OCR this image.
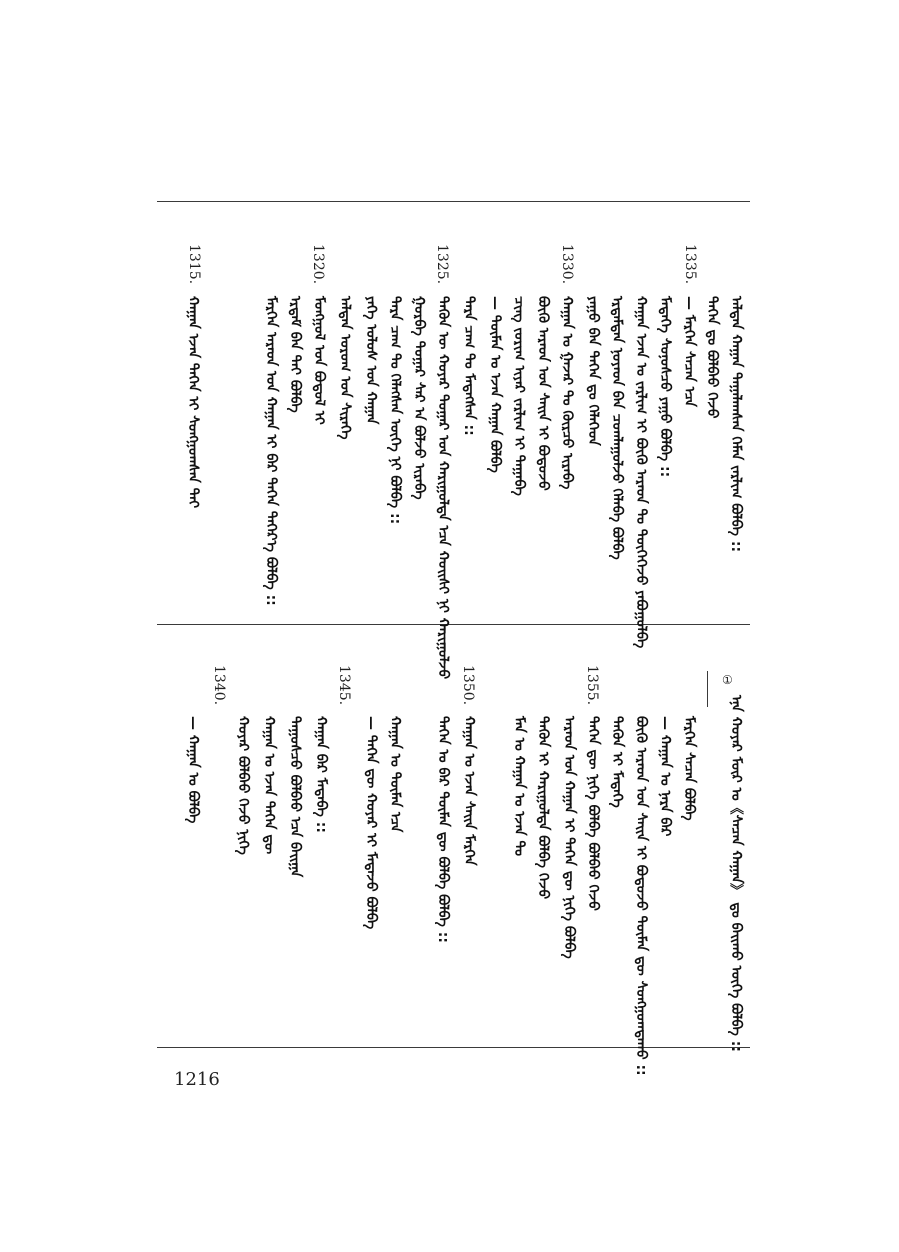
1335.
1330.
1325.
1320.
1315.
ᠠᠯᠲᠠᠨ ᠬᠠᠭᠠᠨ ᠲᠠᠭᠠᠯᠠᠭᠰᠠᠨ ᠬᠡᠮᠡᠨ ᠵᠠᠷᠯᠢᠭ ᠪᠣᠯᠪᠠ ::
ᠲᠡᠭᠡᠨ ᠳᠤ ᠪᠣᠯᠪᠠᠤ ᠭᠡᠵᠦ
— ᠮᠡᠷᠭᠡᠨ ᠰᠡᠴᠡᠨ ᠡᠴᠡ
ᠮᠡᠳᠡᠭᠡ ᠰᠣᠨᠣᠰᠴᠤ ᠶᠠᠭᠤ ᠪᠣᠯᠪᠠ ::
ᠬᠠᠭᠠᠨ ᠡᠵᠡᠨ ᠤ ᠵᠠᠷᠯᠢᠭ ᠢ ᠪᠦᠬᠦ ᠠᠷᠠᠳ ᠲᠤ ᠲᠦᠭᠡᠭᠡᠵᠦ ᠶᠠᠪᠤᠭᠤᠯᠪᠠ
ᠡᠷᠳᠡᠮᠲᠡᠨ ᠨᠣᠶᠠᠳ ᠪᠠᠨ ᠴᠤᠭᠯᠠᠭᠤᠯᠵᠤ ᠬᠡᠯᠡᠪᠡ ᠪᠣᠯᠪᠠ
ᠶᠠᠭᠤ ᠪᠠᠨ ᠲᠡᠭᠡᠨ ᠳᠤ ᠬᠡᠯᠡᠭᠡᠳ
ᠬᠠᠭᠠᠨ ᠤ ᠭᠠᠵᠠᠷ ᠲᠤ ᠬᠦᠷᠴᠦ ᠢᠷᠡᠪᠡ
ᠪᠦᠬᠦ ᠠᠷᠠᠳ ᠤᠨ ᠰᠠᠢᠨ ᠢ ᠪᠣᠳᠣᠵᠤ
ᠴᠢᠩ ᠵᠣᠷᠢᠭ ᠢᠶᠡᠷ ᠵᠠᠷᠯᠢᠭ ᠢ ᠳᠠᠭᠠᠪᠠ
— ᠲᠦᠮᠡᠨ ᠤ ᠡᠵᠡᠨ ᠬᠠᠭᠠᠨ ᠪᠣᠯᠪᠠ
ᠲᠡᠷᠡ ᠴᠠᠭ ᠲᠤ ᠮᠡᠳᠡᠭᠰᠡᠨ ::
ᠲᠡᠭᠦᠨ ᠦ ᠬᠣᠶᠠᠷ ᠳᠤᠭᠠᠷ ᠤᠨ ᠬᠠᠷᠢᠭᠤᠯᠲᠠ ᠡᠴᠡ ᠬᠣᠢᠰᠢ ᠨᠢ ᠬᠠᠷᠢᠭᠤᠯᠵᠤ
ᠭᠤᠷᠪᠠ ᠳᠤᠭᠠᠷ ᠰᠠᠷ ᠠ ᠪᠣᠯᠵᠤ ᠢᠷᠡᠪᠡ
ᠲᠡᠷᠡ ᠴᠠᠭ ᠲᠤ ᠬᠡᠯᠡᠭᠰᠡᠨ ᠦᠭᠡ ᠨᠢ ᠪᠣᠯᠪᠠ ::
ᠶᠡᠬᠡ ᠤᠯᠤᠰ ᠤᠨ ᠬᠠᠭᠠᠨ
ᠠᠯᠲᠠᠨ ᠤᠷᠤᠭ ᠤᠨ ᠰᠢᠷᠡᠭᠡ
ᠮᠣᠩᠭᠣᠯ ᠤᠨ ᠪᠣᠳᠣᠯ ᠢ
ᠡᠷᠳᠡᠮ ᠪᠠᠨ ᠲᠠᠢ ᠪᠣᠯᠪᠠ
ᠮᠡᠷᠭᠡᠨ ᠠᠷᠠᠳ ᠤᠨ ᠬᠠᠭᠠᠨ ᠢ ᠪᠠᠷ ᠲᠡᠭᠡᠨ ᠳᠡᠭᠡᠷ᠎ᠡ ᠪᠣᠯᠪᠠ ::
ᠬᠠᠭᠠᠨ ᠡᠵᠡᠨ ᠲᠡᠭᠡᠨ ᠢ ᠰᠣᠩᠭᠣᠭᠰᠠᠨ ᠲᠡᠢ
①
ᠡᠨᠡ ᠬᠣᠶᠠᠷ ᠮᠦᠷ ᠤ《ᠰᠡᠴᠡᠨ ᠬᠠᠭᠠᠨ》 ᠳᠤ ᠪᠠᠢᠬᠤ ᠦᠭᠡ ᠪᠣᠯᠪᠠ ::
1355.
1350.
1345.
1340.
ᠮᠡᠷᠭᠡᠨ ᠰᠡᠴᠡᠨ ᠪᠣᠯᠪᠠ
— ᠬᠠᠭᠠᠨ ᠤ ᠨᠡᠷᠡ ᠪᠡᠷ
ᠪᠦᠬᠦ ᠠᠷᠠᠳ ᠤᠨ ᠰᠠᠢᠨ ᠢ ᠪᠣᠳᠣᠵᠤ ᠲᠦᠮᠡᠨ ᠳᠦ ᠰᠣᠩᠭᠣᠭᠳᠠᠬᠤ ::
ᠲᠡᠭᠦᠨ ᠢ ᠮᠡᠳᠡᠭᠡ
ᠲᠡᠭᠡᠨ ᠳᠦ ᠨᠢᠭᠡ ᠪᠣᠯᠪᠠ ᠪᠣᠯᠪᠠᠤ ᠭᠡᠵᠦ
ᠠᠷᠠᠳ ᠤᠨ ᠬᠠᠭᠠᠨ ᠢ ᠲᠡᠭᠡᠨ ᠳᠦ ᠨᠢᠭᠡ ᠪᠣᠯᠪᠠ
ᠲᠡᠭᠦᠨ ᠢ ᠬᠠᠷᠢᠭᠤᠯᠲᠠ ᠪᠣᠯᠪᠠ ᠭᠡᠵᠦ
ᠮᠠᠨ ᠤ ᠬᠠᠭᠠᠨ ᠤ ᠡᠵᠡᠨ ᠲᠤ
ᠬᠠᠭᠠᠨ ᠤ ᠡᠵᠡᠨ ᠰᠠᠢᠨ ᠮᠡᠷᠭᠡᠨ
ᠲᠡᠭᠡᠨ ᠤ ᠪᠠᠷ ᠲᠦᠮᠡᠨ ᠳᠦ ᠪᠣᠯᠪᠠ ᠪᠣᠯᠪᠠ ::
ᠬᠠᠭᠠᠨ ᠤ ᠲᠦᠮᠡᠨ ᠡᠴᠡ
— ᠲᠡᠭᠡᠨ ᠳᠦ ᠬᠣᠶᠠᠷ ᠢ ᠮᠡᠳᠡᠵᠦ ᠪᠣᠯᠪᠠ
ᠬᠠᠭᠠᠨ ᠪᠠᠷ ᠮᠡᠳᠡᠪᠡ ::
ᠳᠠᠭᠤᠰᠴᠤ ᠪᠣᠯᠪᠠᠤ ᠡᠴᠡ ᠪᠠᠢᠭᠠ
ᠬᠠᠭᠠᠨ ᠤ ᠡᠵᠡᠨ ᠲᠡᠭᠡᠨ ᠳᠦ
ᠬᠣᠶᠠᠷ ᠪᠣᠯᠪᠠᠤ ᠭᠡᠵᠦ ᠨᠢᠭᠡ
— ᠬᠠᠭᠠᠨ ᠤ ᠪᠣᠯᠪᠠ
1216
